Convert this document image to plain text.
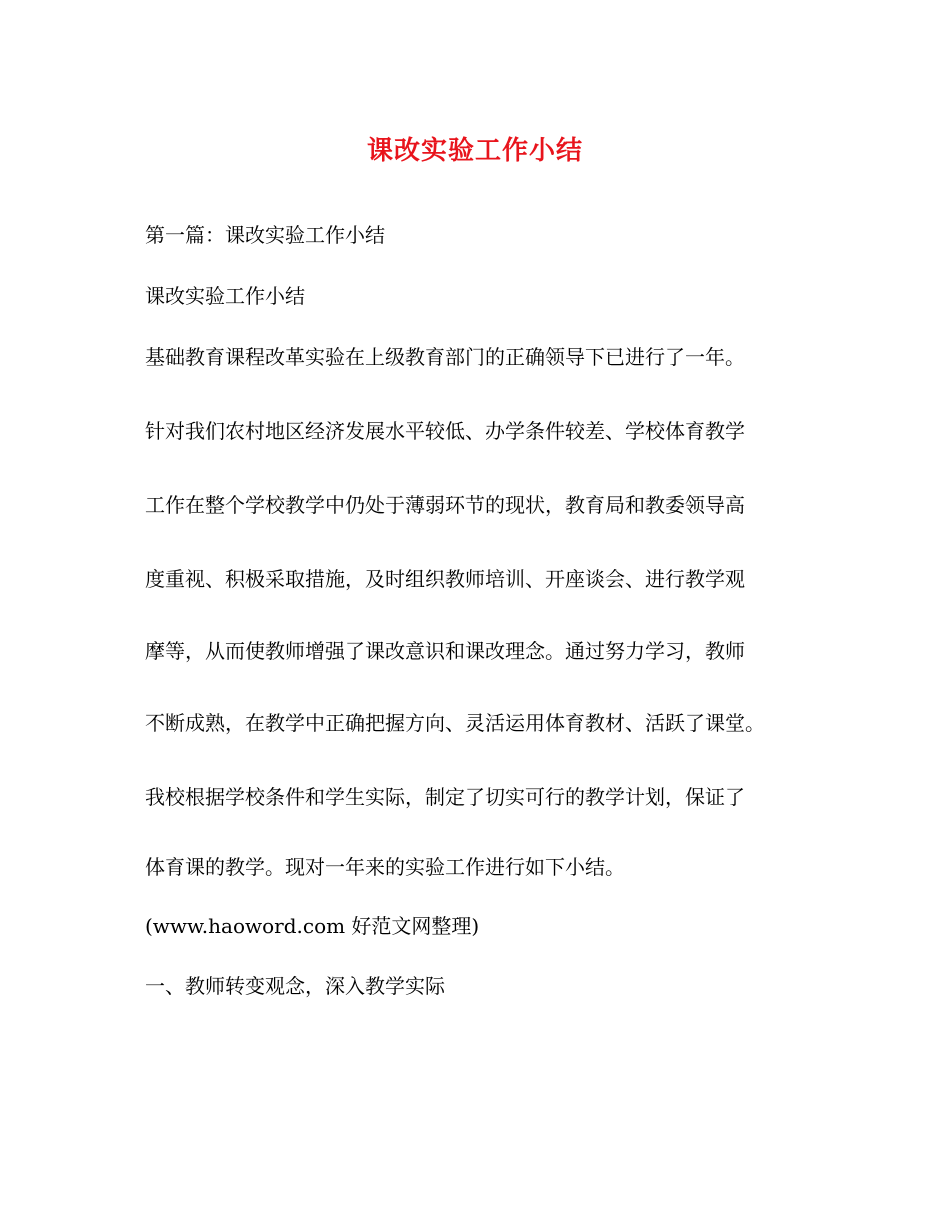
课改实验工作小结

第一篇：课改实验工作小结

课改实验工作小结

基础教育课程改革实验在上级教育部门的正确领导下已进行了一年。

针对我们农村地区经济发展水平较低、办学条件较差、学校体育教学

工作在整个学校教学中仍处于薄弱环节的现状，教育局和教委领导高

度重视、积极采取措施，及时组织教师培训、开座谈会、进行教学观

摩等，从而使教师增强了课改意识和课改理念。通过努力学习，教师

不断成熟，在教学中正确把握方向、灵活运用体育教材、活跃了课堂。

我校根据学校条件和学生实际，制定了切实可行的教学计划，保证了

体育课的教学。现对一年来的实验工作进行如下小结。

(www.haoword.com 好范文网整理)

一、教师转变观念，深入教学实际
